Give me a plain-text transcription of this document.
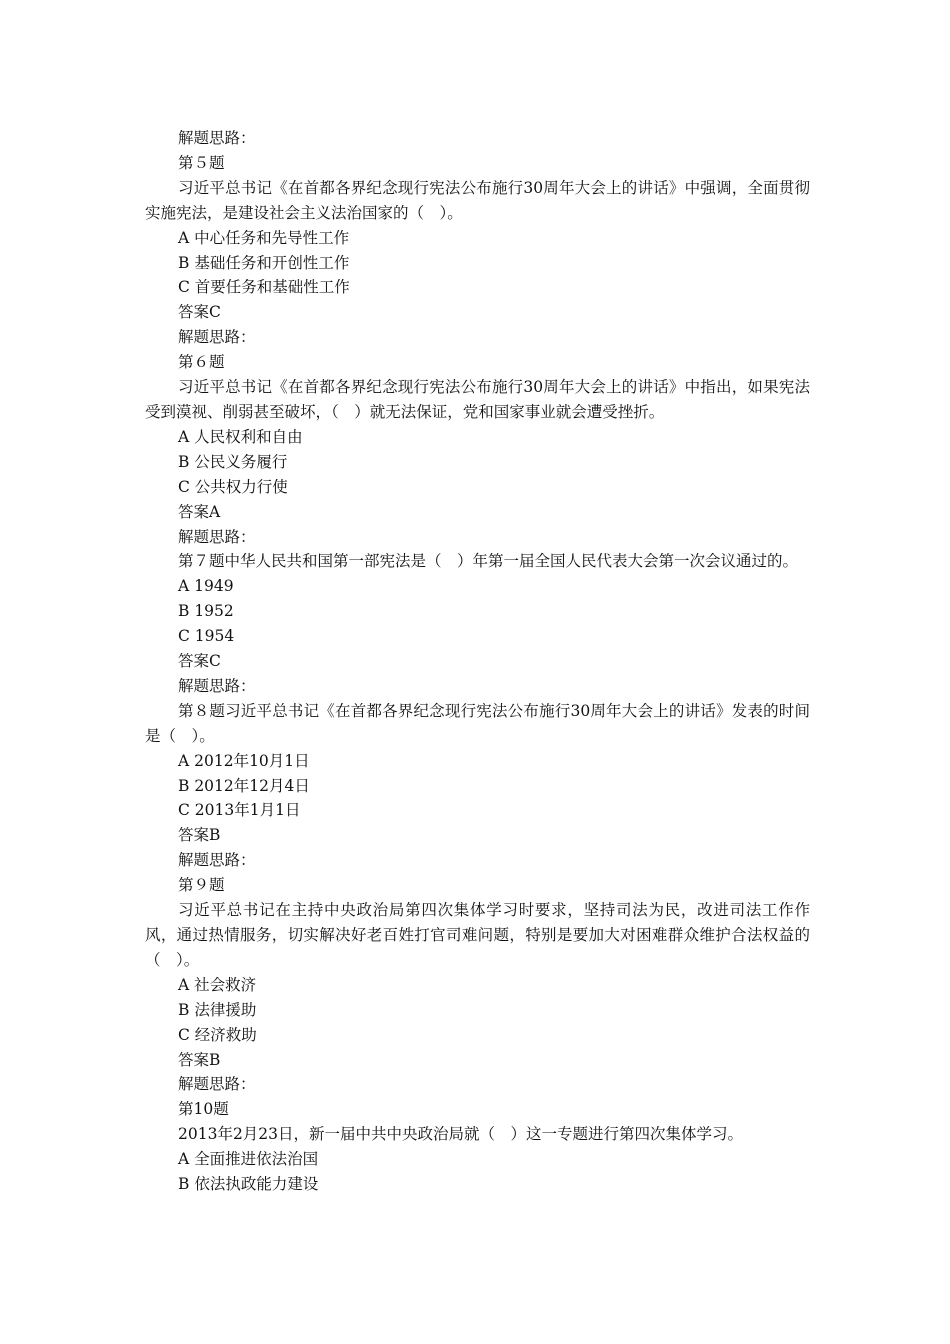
解题思路：

第５题

习近平总书记《在首都各界纪念现行宪法公布施行30周年大会上的讲话》中强调，全面贯彻实施宪法，是建设社会主义法治国家的（　）。

A 中心任务和先导性工作

B 基础任务和开创性工作

C 首要任务和基础性工作

答案C

解题思路：

第６题

习近平总书记《在首都各界纪念现行宪法公布施行30周年大会上的讲话》中指出，如果宪法受到漠视、削弱甚至破坏，（　）就无法保证，党和国家事业就会遭受挫折。

A 人民权利和自由

B 公民义务履行

C 公共权力行使

答案A

解题思路：

第７题中华人民共和国第一部宪法是（　）年第一届全国人民代表大会第一次会议通过的。

A 1949

B 1952

C 1954

答案C

解题思路：

第８题习近平总书记《在首都各界纪念现行宪法公布施行30周年大会上的讲话》发表的时间是（　）。

A 2012年10月1日

B 2012年12月4日

C 2013年1月1日

答案B

解题思路：

第９题

习近平总书记在主持中央政治局第四次集体学习时要求，坚持司法为民，改进司法工作作风，通过热情服务，切实解决好老百姓打官司难问题，特别是要加大对困难群众维护合法权益的（　）。

A 社会救济

B 法律援助

C 经济救助

答案B

解题思路：

第10题

2013年2月23日，新一届中共中央政治局就（　）这一专题进行第四次集体学习。

A 全面推进依法治国

B 依法执政能力建设
